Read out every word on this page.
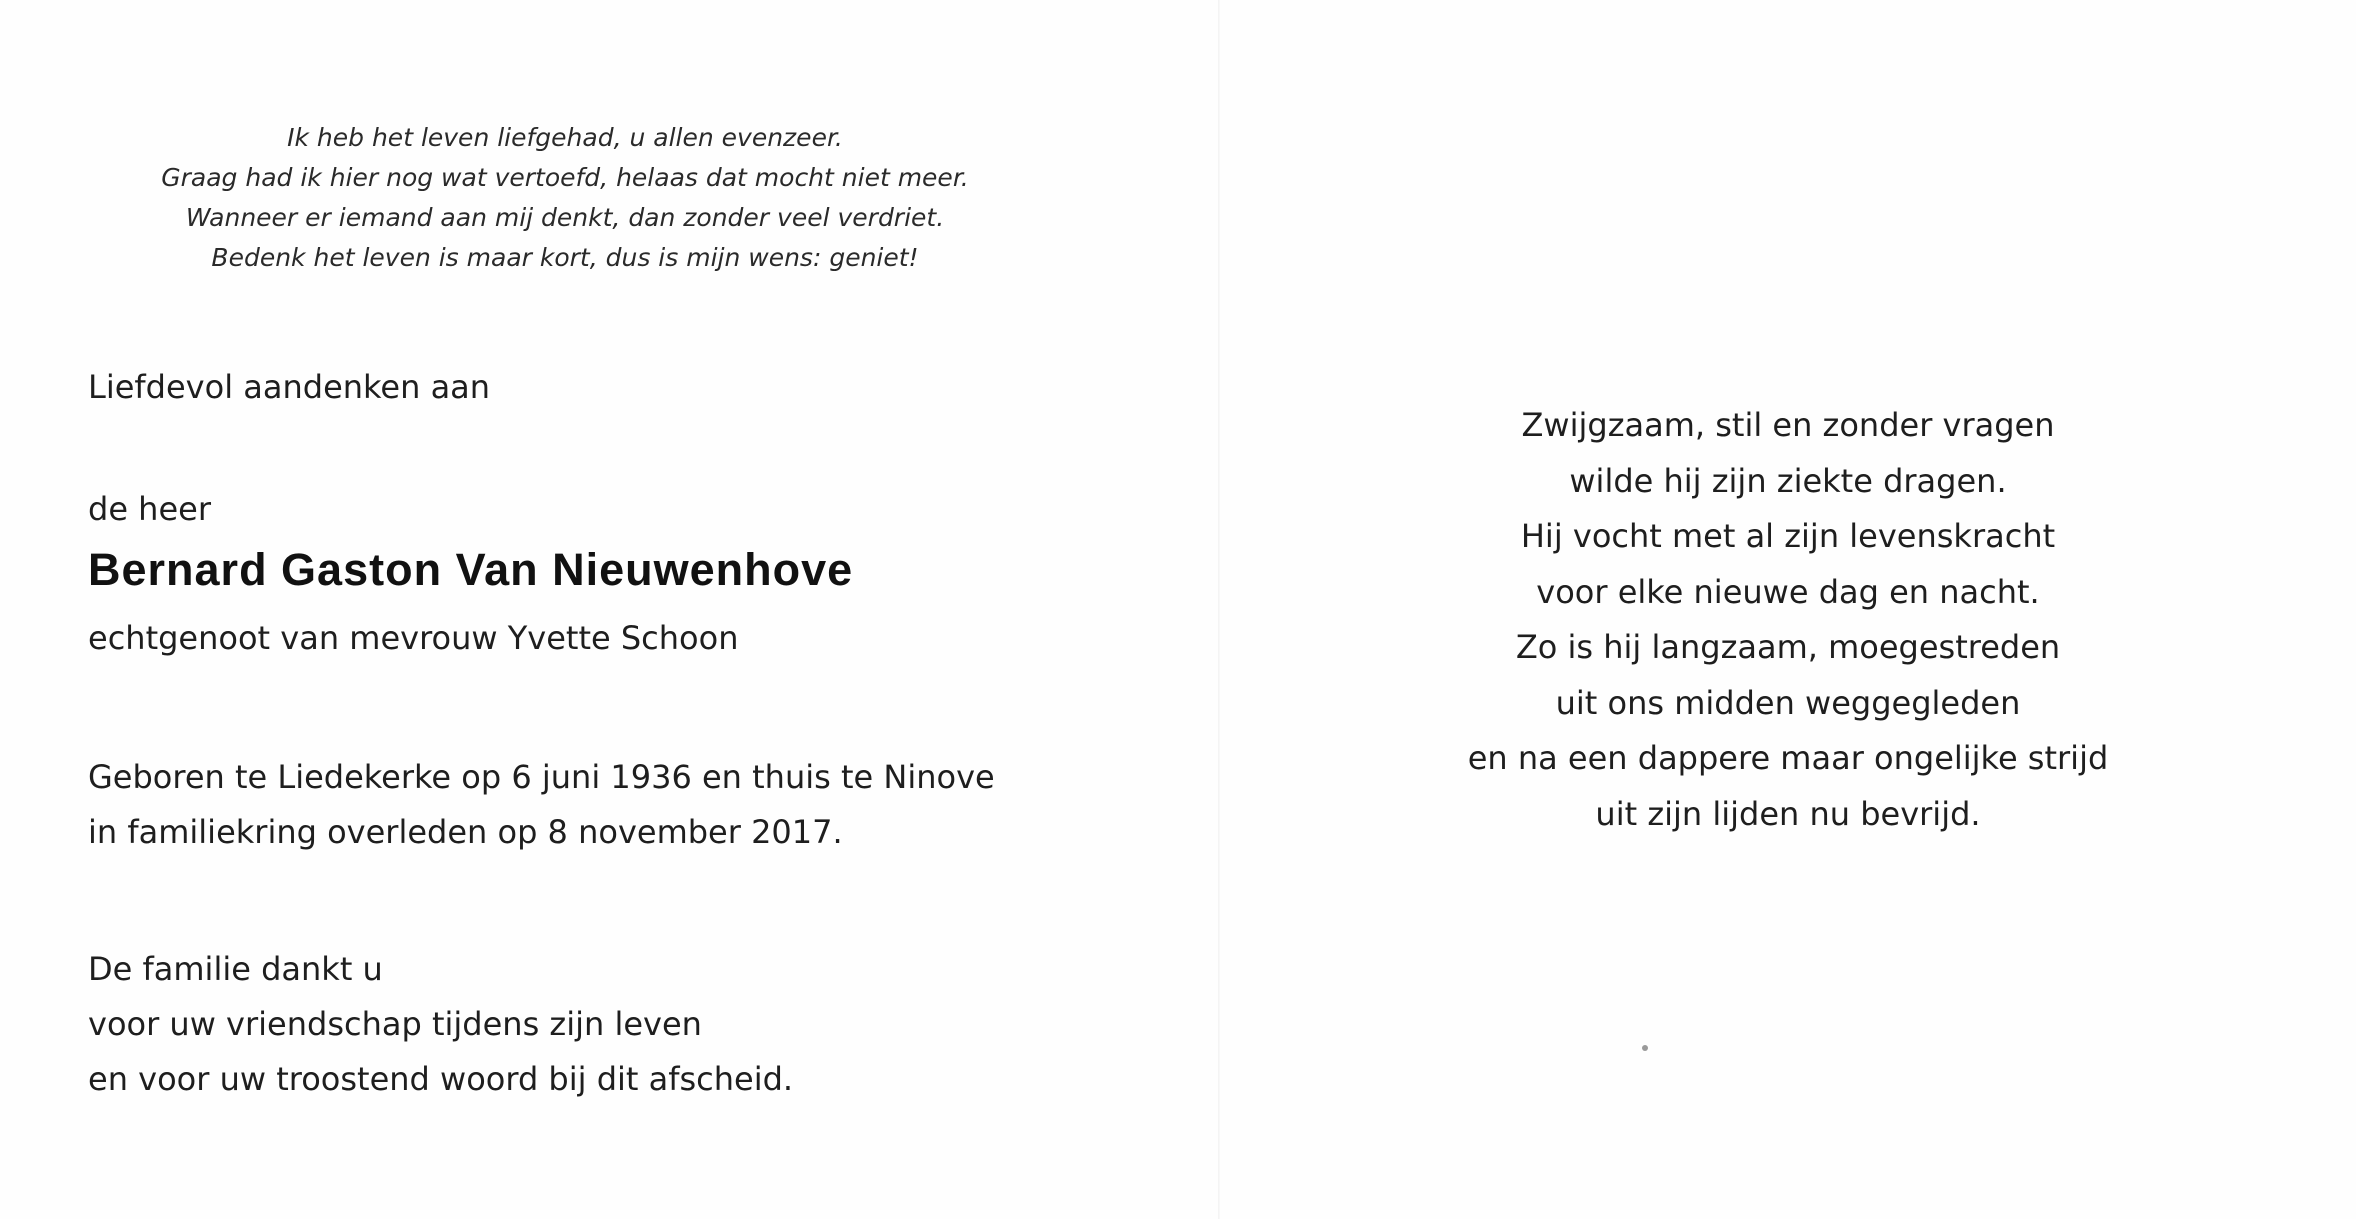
Ik heb het leven liefgehad, u allen evenzeer.
Graag had ik hier nog wat vertoefd, helaas dat mocht niet meer.
Wanneer er iemand aan mij denkt, dan zonder veel verdriet.
Bedenk het leven is maar kort, dus is mijn wens: geniet!
Liefdevol aandenken aan
de heer
Bernard Gaston Van Nieuwenhove
echtgenoot van mevrouw Yvette Schoon
Geboren te Liedekerke op 6 juni 1936 en thuis te Ninove
in familiekring overleden op 8 november 2017.
De familie dankt u
voor uw vriendschap tijdens zijn leven
en voor uw troostend woord bij dit afscheid.
Zwijgzaam, stil en zonder vragen
wilde hij zijn ziekte dragen.
Hij vocht met al zijn levenskracht
voor elke nieuwe dag en nacht.
Zo is hij langzaam, moegestreden
uit ons midden weggegleden
en na een dappere maar ongelijke strijd
uit zijn lijden nu bevrijd.
